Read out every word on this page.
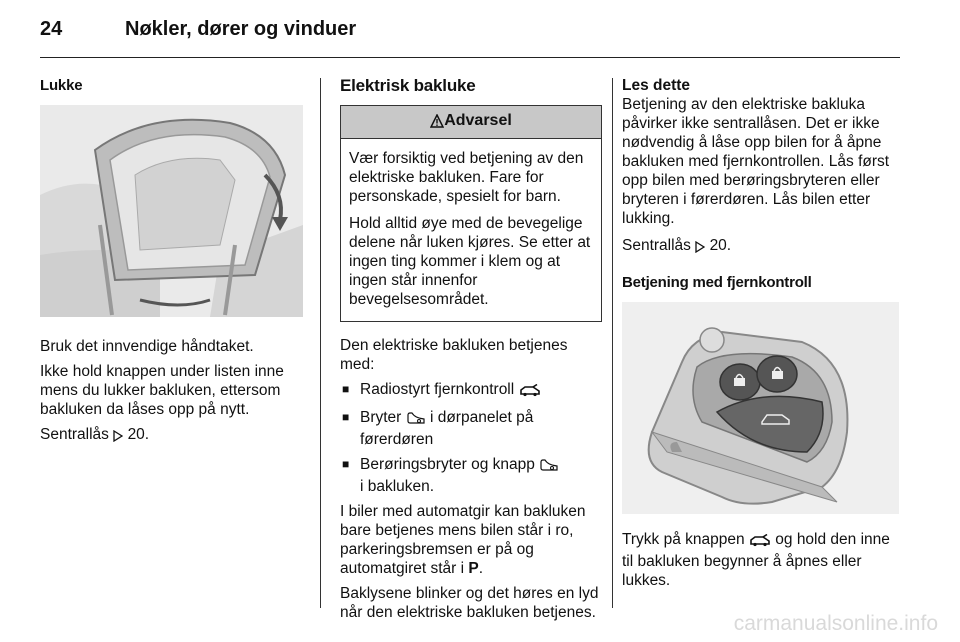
24	Nøkler, dører og vinduer
Lukke

Bruk det innvendige håndtaket.

Ikke hold knappen under listen inne mens du lukker bakluken, ettersom bakluken da låses opp på nytt.

Sentrallås 20.

Elektrisk bakluke
Advarsel

Vær forsiktig ved betjening av den elektriske bakluken. Fare for personskade, spesielt for barn.

Hold alltid øye med de bevegelige delene når luken kjøres. Se etter at ingen ting kommer i klem og at ingen står innenfor bevegelsesområdet.

Den elektriske bakluken betjenes med:

■ Radiostyrt fjernkontroll
■ Bryter i dørpanelet på førerdøren
■ Berøringsbryter og knapp
i bakluken.

I biler med automatgir kan bakluken bare betjenes mens bilen står i ro, parkeringsbremsen er på og automatgiret står i P.

Baklysene blinker og det høres en lyd når den elektriske bakluken betjenes.

Les dette
Betjening av den elektriske bakluka påvirker ikke sentrallåsen. Det er ikke nødvendig å låse opp bilen for å åpne bakluken med fjernkontrollen. Lås først opp bilen med berøringsbryteren eller bryteren i førerdøren. Lås bilen etter lukking.

Sentrallås 20.

Betjening med fjernkontroll

Trykk på knappen og hold den inne til bakluken begynner å åpnes eller lukkes.

carmanualsonline.info
